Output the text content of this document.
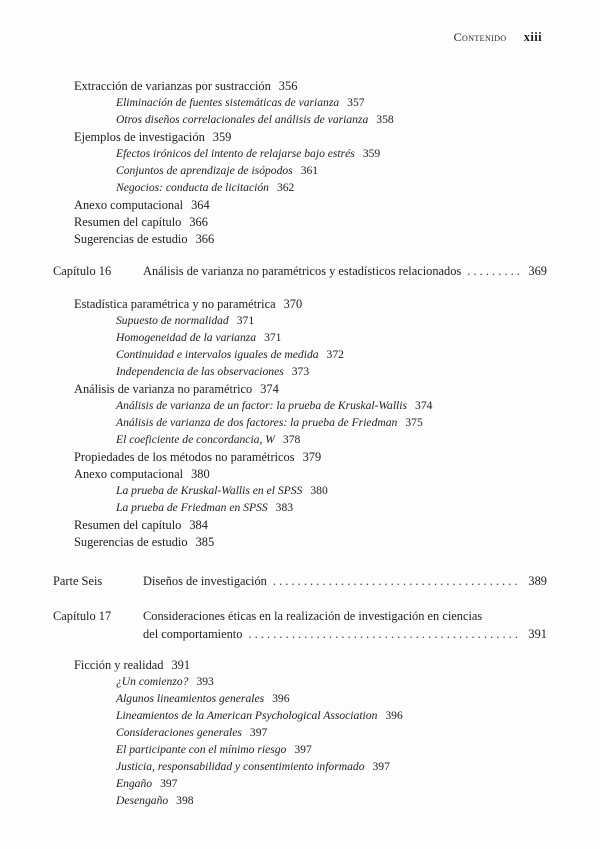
Contenido xiii
Extracción de varianzas por sustracción 356
Eliminación de fuentes sistemáticas de varianza 357
Otros diseños correlacionales del análisis de varianza 358
Ejemplos de investigación 359
Efectos irónicos del intento de relajarse bajo estrés 359
Conjuntos de aprendizaje de isópodos 361
Negocios: conducta de licitación 362
Anexo computacional 364
Resumen del capítulo 366
Sugerencias de estudio 366
Capítulo 16	Análisis de varianza no paramétricos y estadísticos relacionados . . .	369
Estadística paramétrica y no paramétrica 370
Supuesto de normalidad 371
Homogeneidad de la varianza 371
Continuidad e intervalos iguales de medida 372
Independencia de las observaciones 373
Análisis de varianza no paramétrico 374
Análisis de varianza de un factor: la prueba de Kruskal-Wallis 374
Análisis de varianza de dos factores: la prueba de Friedman 375
El coeficiente de concordancia, W 378
Propiedades de los métodos no paramétricos 379
Anexo computacional 380
La prueba de Kruskal-Wallis en el SPSS 380
La prueba de Friedman en SPSS 383
Resumen del capítulo 384
Sugerencias de estudio 385
Parte Seis	Diseños de investigación . . .	389
Capítulo 17	Consideraciones éticas en la realización de investigación en ciencias
del comportamiento . . .	391
Ficción y realidad 391
¿Un comienzo? 393
Algunos lineamientos generales 396
Lineamientos de la American Psychological Association 396
Consideraciones generales 397
El participante con el mínimo riesgo 397
Justicia, responsabilidad y consentimiento informado 397
Engaño 397
Desengaño 398
